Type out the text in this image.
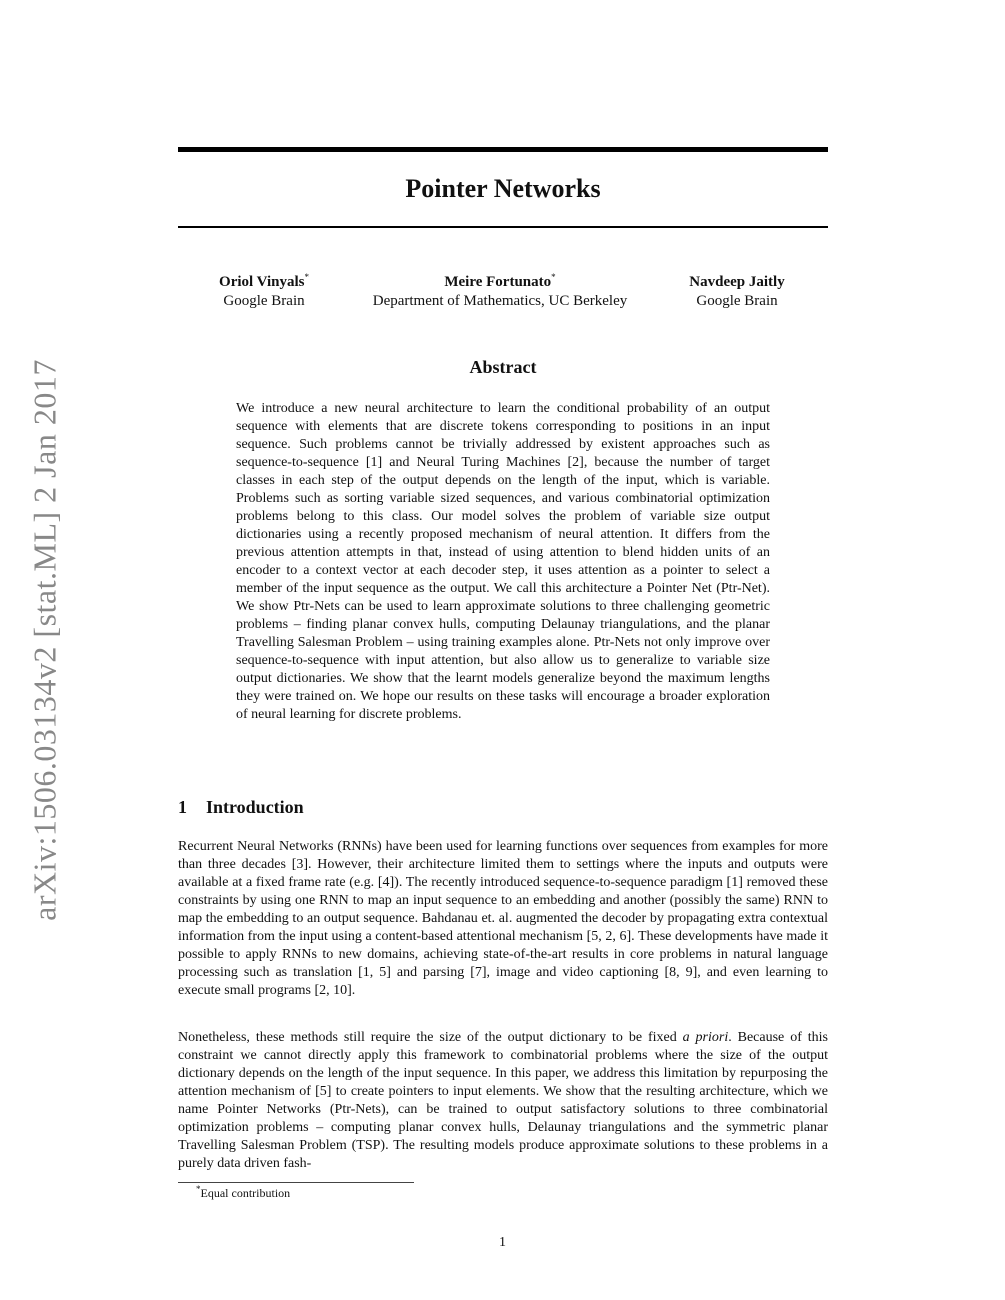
arXiv:1506.03134v2 [stat.ML] 2 Jan 2017
Pointer Networks
Oriol Vinyals*
Google Brain
Meire Fortunato*
Department of Mathematics, UC Berkeley
Navdeep Jaitly
Google Brain
Abstract
We introduce a new neural architecture to learn the conditional probability of an output sequence with elements that are discrete tokens corresponding to positions in an input sequence. Such problems cannot be trivially addressed by existent approaches such as sequence-to-sequence [1] and Neural Turing Machines [2], because the number of target classes in each step of the output depends on the length of the input, which is variable. Problems such as sorting variable sized sequences, and various combinatorial optimization problems belong to this class. Our model solves the problem of variable size output dictionaries using a recently proposed mechanism of neural attention. It differs from the previous attention attempts in that, instead of using attention to blend hidden units of an encoder to a context vector at each decoder step, it uses attention as a pointer to select a member of the input sequence as the output. We call this architecture a Pointer Net (Ptr-Net). We show Ptr-Nets can be used to learn approximate solutions to three challenging geometric problems – finding planar convex hulls, computing Delaunay triangulations, and the planar Travelling Salesman Problem – using training examples alone. Ptr-Nets not only improve over sequence-to-sequence with input attention, but also allow us to generalize to variable size output dictionaries. We show that the learnt models generalize beyond the maximum lengths they were trained on. We hope our results on these tasks will encourage a broader exploration of neural learning for discrete problems.
1 Introduction
Recurrent Neural Networks (RNNs) have been used for learning functions over sequences from examples for more than three decades [3]. However, their architecture limited them to settings where the inputs and outputs were available at a fixed frame rate (e.g. [4]). The recently introduced sequence-to-sequence paradigm [1] removed these constraints by using one RNN to map an input sequence to an embedding and another (possibly the same) RNN to map the embedding to an output sequence. Bahdanau et. al. augmented the decoder by propagating extra contextual information from the input using a content-based attentional mechanism [5, 2, 6]. These developments have made it possible to apply RNNs to new domains, achieving state-of-the-art results in core problems in natural language processing such as translation [1, 5] and parsing [7], image and video captioning [8, 9], and even learning to execute small programs [2, 10].
Nonetheless, these methods still require the size of the output dictionary to be fixed a priori. Because of this constraint we cannot directly apply this framework to combinatorial problems where the size of the output dictionary depends on the length of the input sequence. In this paper, we address this limitation by repurposing the attention mechanism of [5] to create pointers to input elements. We show that the resulting architecture, which we name Pointer Networks (Ptr-Nets), can be trained to output satisfactory solutions to three combinatorial optimization problems – computing planar convex hulls, Delaunay triangulations and the symmetric planar Travelling Salesman Problem (TSP). The resulting models produce approximate solutions to these problems in a purely data driven fash-
*Equal contribution
1
